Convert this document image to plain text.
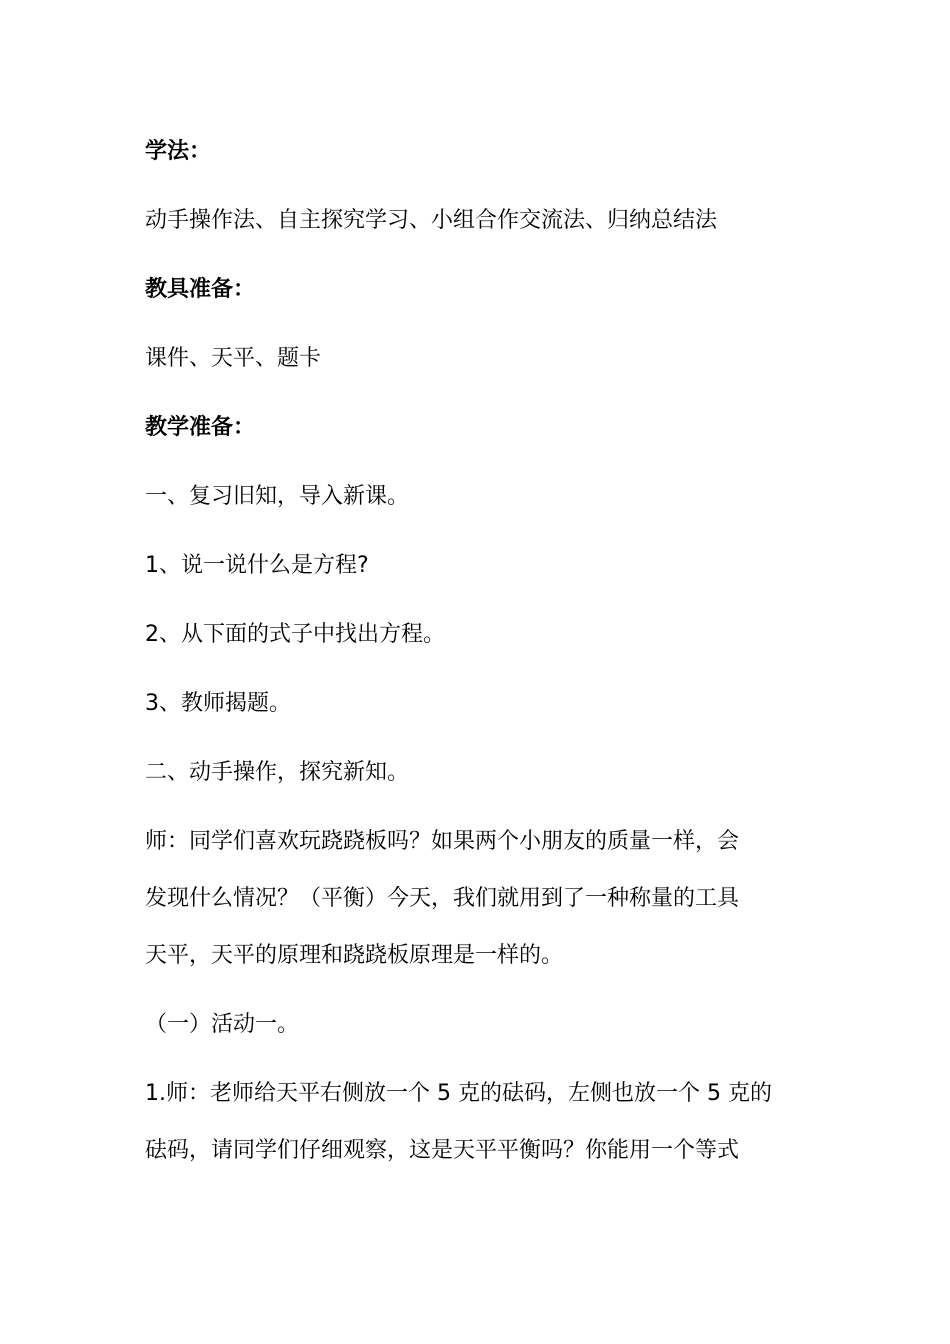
学法：

动手操作法、自主探究学习、小组合作交流法、归纳总结法

教具准备：

课件、天平、题卡

教学准备：

一、复习旧知，导入新课。

1、说一说什么是方程?

2、从下面的式子中找出方程。

3、教师揭题。

二、动手操作，探究新知。

师：同学们喜欢玩跷跷板吗？如果两个小朋友的质量一样，会

发现什么情况？（平衡）今天，我们就用到了一种称量的工具

天平，天平的原理和跷跷板原理是一样的。

（一）活动一。

1.师：老师给天平右侧放一个 5 克的砝码，左侧也放一个 5 克的

砝码，请同学们仔细观察，这是天平平衡吗？你能用一个等式
